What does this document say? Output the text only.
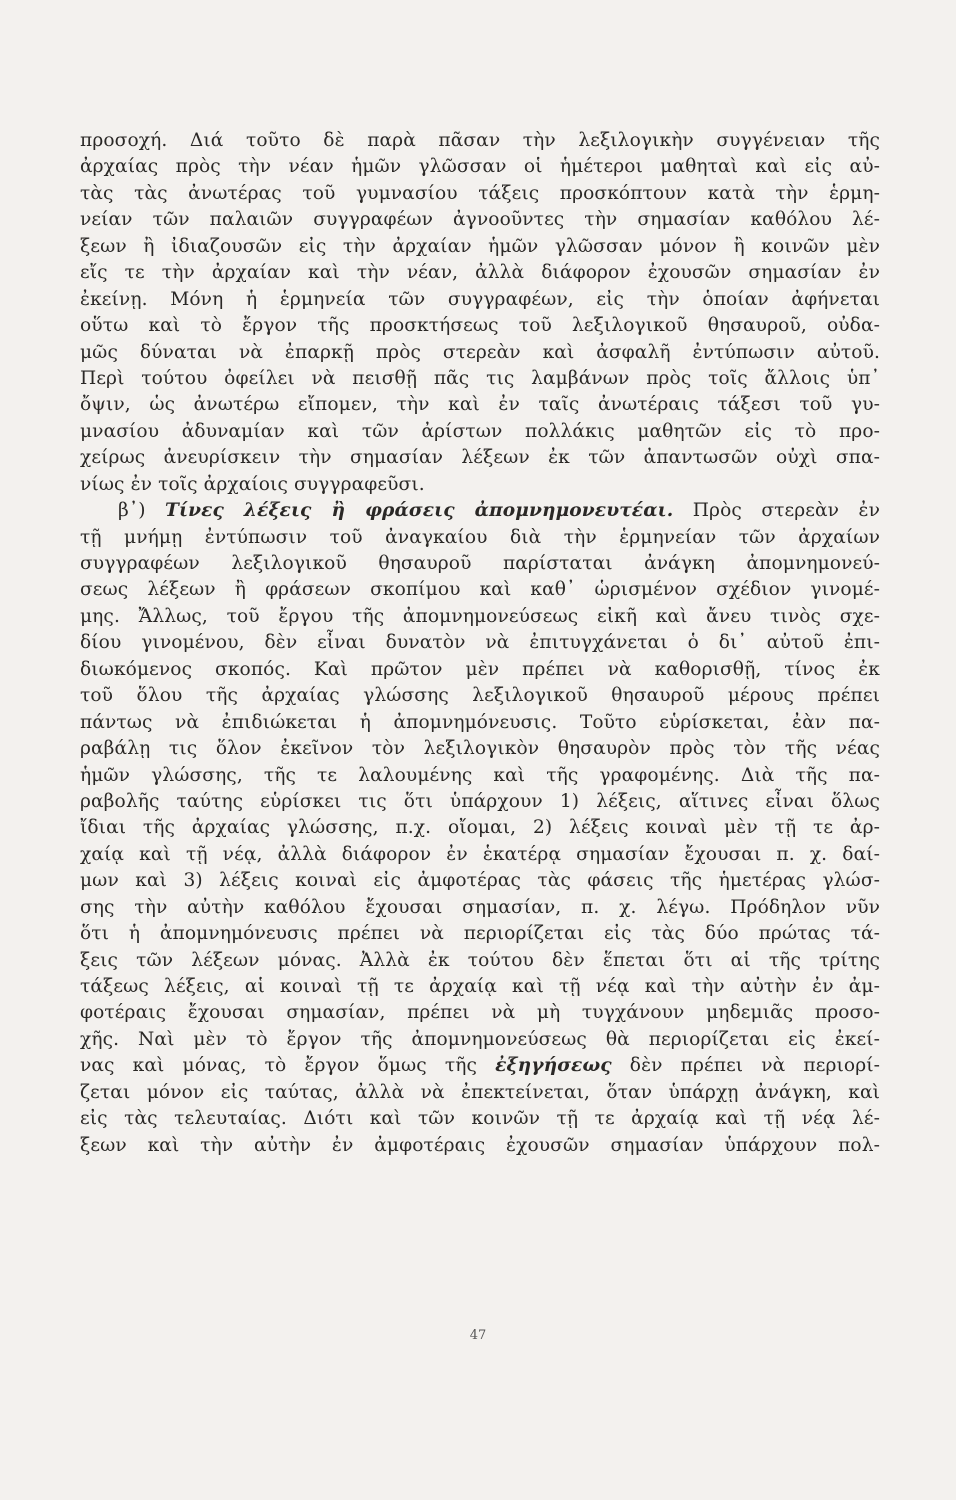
προσοχή. Διά τοῦτο δὲ παρὰ πᾶσαν τὴν λεξιλογικὴν συγγένειαν τῆς
ἀρχαίας πρὸς τὴν νέαν ἡμῶν γλῶσσαν οἱ ἡμέτεροι μαθηταὶ καὶ εἰς αὐ-
τὰς τὰς ἀνωτέρας τοῦ γυμνασίου τάξεις προσκόπτουν κατὰ τὴν ἑρμη-
νείαν τῶν παλαιῶν συγγραφέων ἀγνοοῦντες τὴν σημασίαν καθόλου λέ-
ξεων ἢ ἰδιαζουσῶν εἰς τὴν ἀρχαίαν ἡμῶν γλῶσσαν μόνον ἢ κοινῶν μὲν
εἴς τε τὴν ἀρχαίαν καὶ τὴν νέαν, ἀλλὰ διάφορον ἐχουσῶν σημασίαν ἐν
ἐκείνῃ. Μόνη ἡ ἑρμηνεία τῶν συγγραφέων, εἰς τὴν ὁποίαν ἀφήνεται
οὕτω καὶ τὸ ἔργον τῆς προσκτήσεως τοῦ λεξιλογικοῦ θησαυροῦ, οὐδα-
μῶς δύναται νὰ ἐπαρκῇ πρὸς στερεὰν καὶ ἀσφαλῆ ἐντύπωσιν αὐτοῦ.
Περὶ τούτου ὀφείλει νὰ πεισθῇ πᾶς τις λαμβάνων πρὸς τοῖς ἄλλοις ὑπ᾽
ὄψιν, ὡς ἀνωτέρω εἴπομεν, τὴν καὶ ἐν ταῖς ἀνωτέραις τάξεσι τοῦ γυ-
μνασίου ἀδυναμίαν καὶ τῶν ἀρίστων πολλάκις μαθητῶν εἰς τὸ προ-
χείρως ἀνευρίσκειν τὴν σημασίαν λέξεων ἐκ τῶν ἀπαντωσῶν οὐχὶ σπα-
νίως ἐν τοῖς ἀρχαίοις συγγραφεῦσι.
β᾽) Τίνες λέξεις ἢ φράσεις ἀπομνημονευτέαι. Πρὸς στερεὰν ἐν
τῇ μνήμῃ ἐντύπωσιν τοῦ ἀναγκαίου διὰ τὴν ἑρμηνείαν τῶν ἀρχαίων
συγγραφέων λεξιλογικοῦ θησαυροῦ παρίσταται ἀνάγκη ἀπομνημονεύ-
σεως λέξεων ἢ φράσεων σκοπίμου καὶ καθ᾽ ὡρισμένον σχέδιον γινομέ-
μης. Ἄλλως, τοῦ ἔργου τῆς ἀπομνημονεύσεως εἰκῆ καὶ ἄνευ τινὸς σχε-
δίου γινομένου, δὲν εἶναι δυνατὸν νὰ ἐπιτυγχάνεται ὁ δι᾽ αὐτοῦ ἐπι-
διωκόμενος σκοπός. Καὶ πρῶτον μὲν πρέπει νὰ καθορισθῇ, τίνος ἐκ
τοῦ ὅλου τῆς ἀρχαίας γλώσσης λεξιλογικοῦ θησαυροῦ μέρους πρέπει
πάντως νὰ ἐπιδιώκεται ἡ ἀπομνημόνευσις. Τοῦτο εὑρίσκεται, ἐὰν πα-
ραβάλῃ τις ὅλον ἐκεῖνον τὸν λεξιλογικὸν θησαυρὸν πρὸς τὸν τῆς νέας
ἡμῶν γλώσσης, τῆς τε λαλουμένης καὶ τῆς γραφομένης. Διὰ τῆς πα-
ραβολῆς ταύτης εὑρίσκει τις ὅτι ὑπάρχουν 1) λέξεις, αἵτινες εἶναι ὅλως
ἴδιαι τῆς ἀρχαίας γλώσσης, π.χ. οἴομαι, 2) λέξεις κοιναὶ μὲν τῇ τε ἀρ-
χαίᾳ καὶ τῇ νέᾳ, ἀλλὰ διάφορον ἐν ἑκατέρᾳ σημασίαν ἔχουσαι π. χ. δαί-
μων καὶ 3) λέξεις κοιναὶ εἰς ἀμφοτέρας τὰς φάσεις τῆς ἡμετέρας γλώσ-
σης τὴν αὐτὴν καθόλου ἔχουσαι σημασίαν, π. χ. λέγω. Πρόδηλον νῦν
ὅτι ἡ ἀπομνημόνευσις πρέπει νὰ περιορίζεται εἰς τὰς δύο πρώτας τά-
ξεις τῶν λέξεων μόνας. Ἀλλὰ ἐκ τούτου δὲν ἕπεται ὅτι αἱ τῆς τρίτης
τάξεως λέξεις, αἱ κοιναὶ τῇ τε ἀρχαίᾳ καὶ τῇ νέᾳ καὶ τὴν αὐτὴν ἐν ἀμ-
φοτέραις ἔχουσαι σημασίαν, πρέπει νὰ μὴ τυγχάνουν μηδεμιᾶς προσο-
χῆς. Ναὶ μὲν τὸ ἔργον τῆς ἀπομνημονεύσεως θὰ περιορίζεται εἰς ἐκεί-
νας καὶ μόνας, τὸ ἔργον ὅμως τῆς ἐξηγήσεως δὲν πρέπει νὰ περιορί-
ζεται μόνον εἰς ταύτας, ἀλλὰ νὰ ἐπεκτείνεται, ὅταν ὑπάρχῃ ἀνάγκη, καὶ
εἰς τὰς τελευταίας. Διότι καὶ τῶν κοινῶν τῇ τε ἀρχαίᾳ καὶ τῇ νέᾳ λέ-
ξεων καὶ τὴν αὐτὴν ἐν ἀμφοτέραις ἐχουσῶν σημασίαν ὑπάρχουν πολ-
47
